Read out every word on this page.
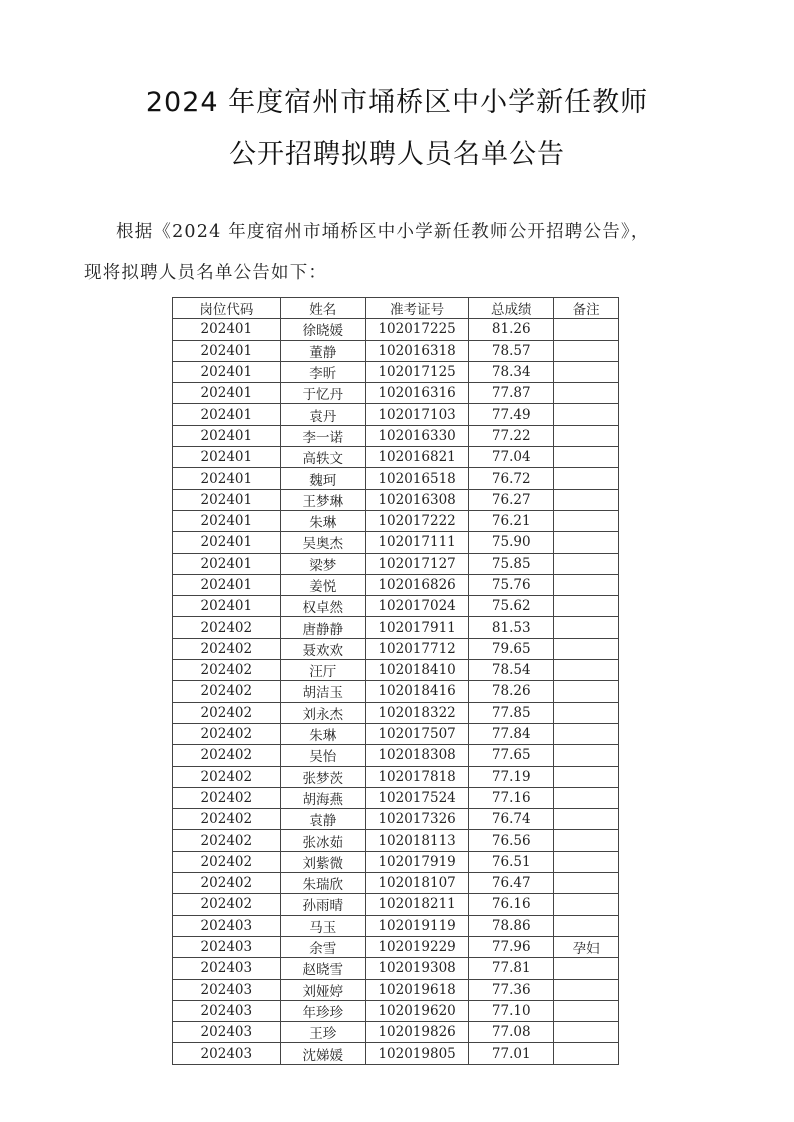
2024 年度宿州市埇桥区中小学新任教师
公开招聘拟聘人员名单公告
根据《2024 年度宿州市埇桥区中小学新任教师公开招聘公告》，
现将拟聘人员名单公告如下：
岗位代码	姓名	准考证号	总成绩	备注
202401	徐晓媛	102017225	81.26	
202401	董静	102016318	78.57	
202401	李昕	102017125	78.34	
202401	于忆丹	102016316	77.87	
202401	袁丹	102017103	77.49	
202401	李一诺	102016330	77.22	
202401	高轶文	102016821	77.04	
202401	魏珂	102016518	76.72	
202401	王梦琳	102016308	76.27	
202401	朱琳	102017222	76.21	
202401	吴奥杰	102017111	75.90	
202401	梁梦	102017127	75.85	
202401	姜悦	102016826	75.76	
202401	权卓然	102017024	75.62	
202402	唐静静	102017911	81.53	
202402	聂欢欢	102017712	79.65	
202402	汪厅	102018410	78.54	
202402	胡洁玉	102018416	78.26	
202402	刘永杰	102018322	77.85	
202402	朱琳	102017507	77.84	
202402	吴怡	102018308	77.65	
202402	张梦茨	102017818	77.19	
202402	胡海燕	102017524	77.16	
202402	袁静	102017326	76.74	
202402	张冰茹	102018113	76.56	
202402	刘紫微	102017919	76.51	
202402	朱瑞欣	102018107	76.47	
202402	孙雨晴	102018211	76.16	
202403	马玉	102019119	78.86	
202403	余雪	102019229	77.96	孕妇
202403	赵晓雪	102019308	77.81	
202403	刘娅婷	102019618	77.36	
202403	年珍珍	102019620	77.10	
202403	王珍	102019826	77.08	
202403	沈娣媛	102019805	77.01	
